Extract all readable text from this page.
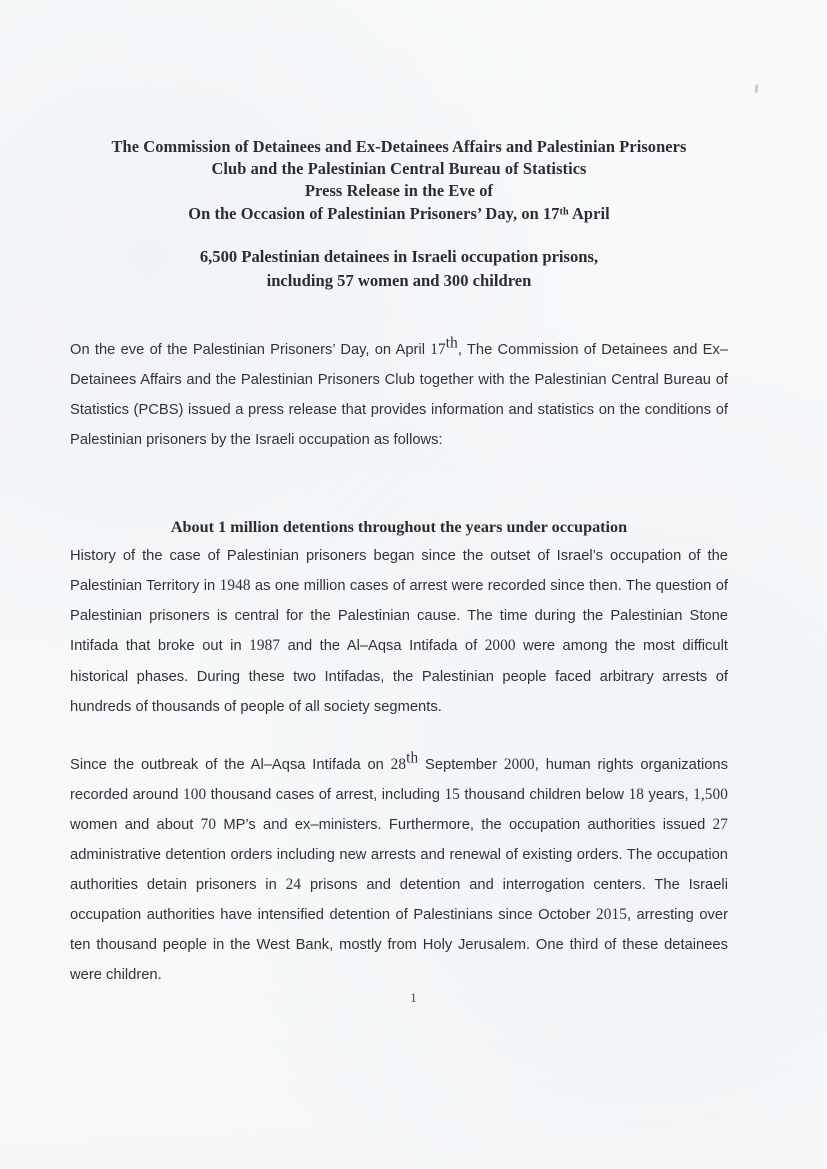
The Commission of Detainees and Ex-Detainees Affairs and Palestinian Prisoners
Club and the Palestinian Central Bureau of Statistics
Press Release in the Eve of
On the Occasion of Palestinian Prisoners’ Day, on 17th April
6,500 Palestinian detainees in Israeli occupation prisons,
including 57 women and 300 children

On the eve of the Palestinian Prisoners’ Day, on April 17th, The Commission of Detainees and Ex–Detainees Affairs and the Palestinian Prisoners Club together with the Palestinian Central Bureau of Statistics (PCBS) issued a press release that provides information and statistics on the conditions of Palestinian prisoners by the Israeli occupation as follows:

About 1 million detentions throughout the years under occupation

History of the case of Palestinian prisoners began since the outset of Israel’s occupation of the Palestinian Territory in 1948 as one million cases of arrest were recorded since then. The question of Palestinian prisoners is central for the Palestinian cause. The time during the Palestinian Stone Intifada that broke out in 1987 and the Al–Aqsa Intifada of 2000 were among the most difficult historical phases. During these two Intifadas, the Palestinian people faced arbitrary arrests of hundreds of thousands of people of all society segments.

Since the outbreak of the Al–Aqsa Intifada on 28th September 2000, human rights organizations recorded around 100 thousand cases of arrest, including 15 thousand children below 18 years, 1,500 women and about 70 MP’s and ex–ministers. Furthermore, the occupation authorities issued 27 administrative detention orders including new arrests and renewal of existing orders. The occupation authorities detain prisoners in 24 prisons and detention and interrogation centers. The Israeli occupation authorities have intensified detention of Palestinians since October 2015, arresting over ten thousand people in the West Bank, mostly from Holy Jerusalem. One third of these detainees were children.

1
